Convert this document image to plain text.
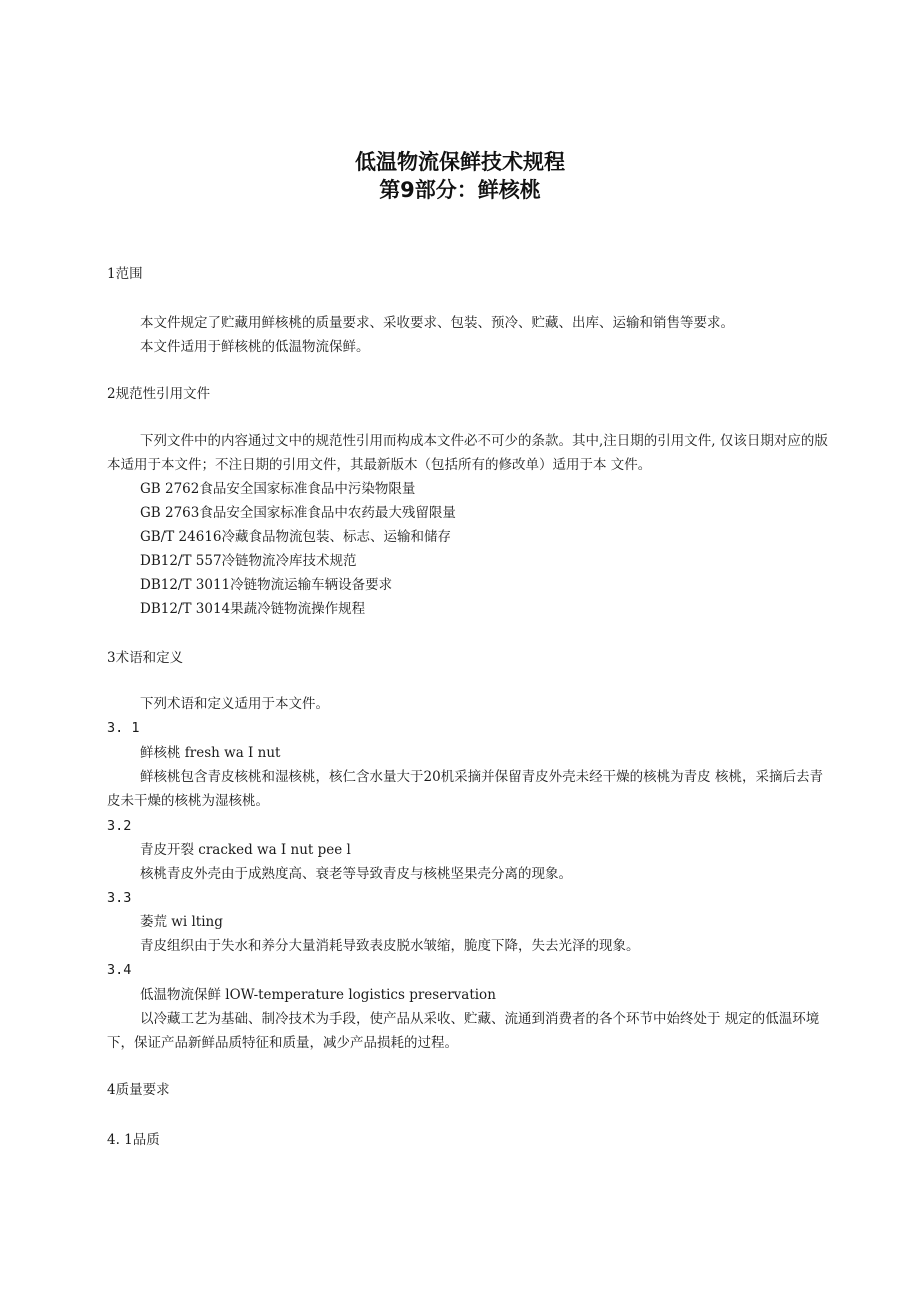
低温物流保鲜技术规程
第9部分：鲜核桃
1范围
本文件规定了贮藏用鲜核桃的质量要求、采收要求、包装、预冷、贮藏、出库、运输和销售等要求。
本文件适用于鲜核桃的低温物流保鲜。
2规范性引用文件
下列文件中的内容通过文中的规范性引用而构成本文件必不可少的条款。其中,注日期的引用文件, 仅该日期对应的版本适用于本文件；不注日期的引用文件，其最新版木（包括所有的修改单）适用于本 文件。
GB 2762食品安全国家标准食品中污染物限量
GB 2763食品安全国家标准食品中农药最大残留限量
GB/T 24616冷藏食品物流包装、标志、运输和储存
DB12/T 557冷链物流冷库技术规范
DB12/T 3011冷链物流运输车辆设备要求
DB12/T 3014果蔬冷链物流操作规程
3术语和定义
下列术语和定义适用于本文件。
3. 1
鲜核桃 fresh wa I nut
鲜核桃包含青皮核桃和湿核桃，核仁含水量大于20机采摘并保留青皮外壳未经干燥的核桃为青皮 核桃，采摘后去青皮未干燥的核桃为湿核桃。
3.2
青皮开裂 cracked wa I nut pee l
核桃青皮外壳由于成熟度高、衰老等导致青皮与核桃坚果壳分离的现象。
3.3
萎荒 wi lting
青皮组织由于失水和养分大量消耗导致表皮脱水皱缩，脆度下降，失去光泽的现象。
3.4
低温物流保鲜 lOW-temperature logistics preservation
以冷藏工艺为基础、制冷技术为手段，使产品从采收、贮藏、流通到消费者的各个环节中始终处于 规定的低温环境下，保证产品新鲜品质特征和质量，减少产品损耗的过程。
4质量要求
4. 1品质
